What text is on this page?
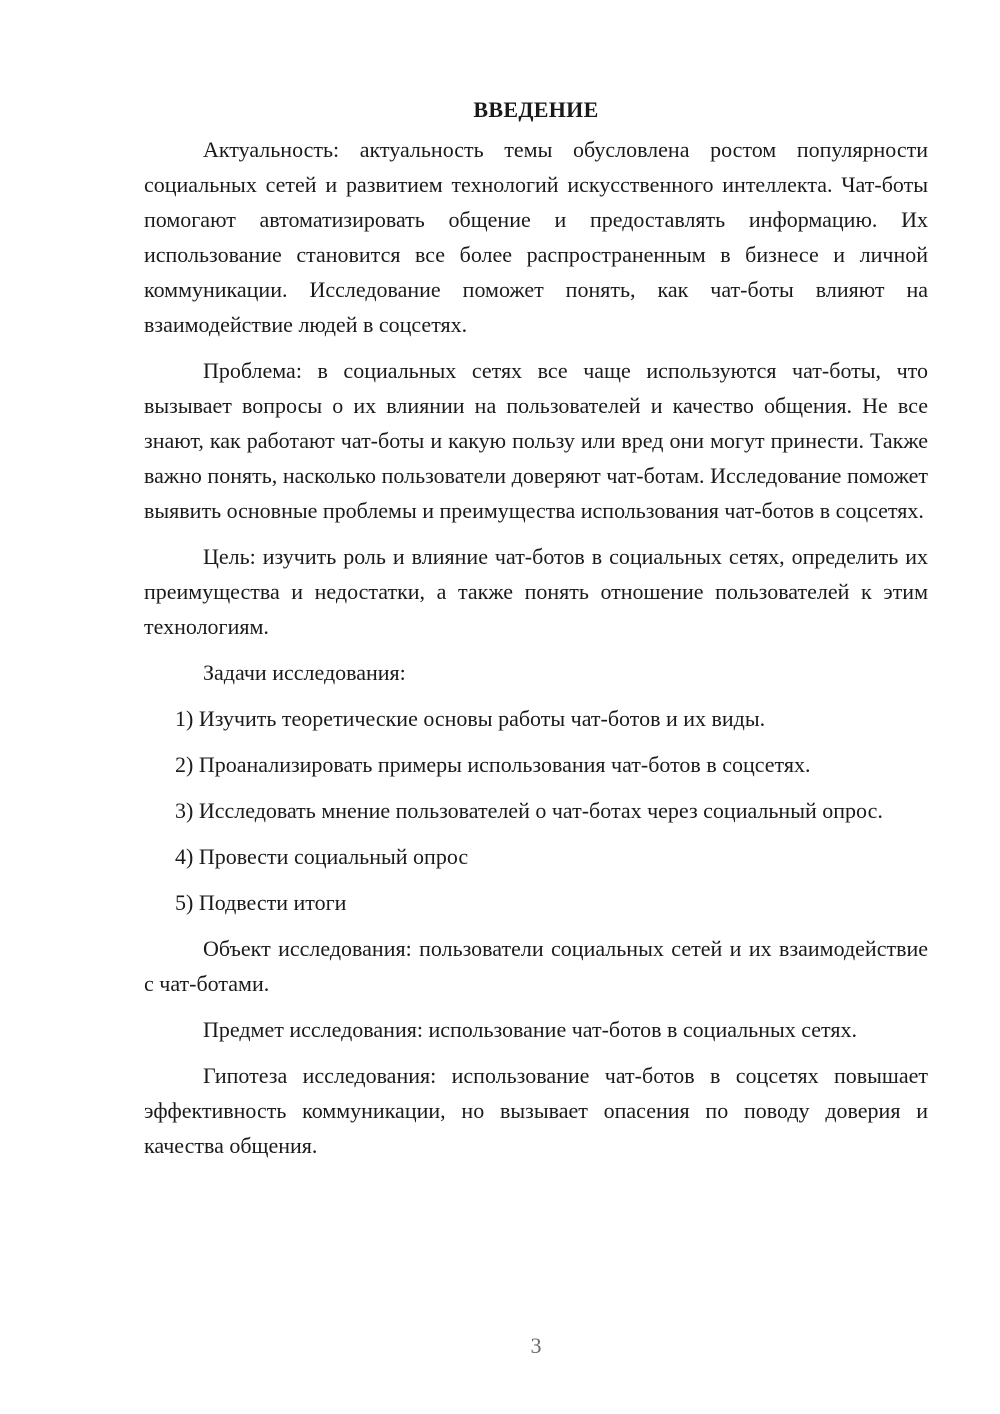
ВВЕДЕНИЕ

Актуальность: актуальность темы обусловлена ростом популярности социальных сетей и развитием технологий искусственного интеллекта. Чат-боты помогают автоматизировать общение и предоставлять информацию. Их использование становится все более распространенным в бизнесе и личной коммуникации. Исследование поможет понять, как чат-боты влияют на взаимодействие людей в соцсетях.

Проблема: в социальных сетях все чаще используются чат-боты, что вызывает вопросы о их влиянии на пользователей и качество общения. Не все знают, как работают чат-боты и какую пользу или вред они могут принести. Также важно понять, насколько пользователи доверяют чат-ботам. Исследование поможет выявить основные проблемы и преимущества использования чат-ботов в соцсетях.

Цель: изучить роль и влияние чат-ботов в социальных сетях, определить их преимущества и недостатки, а также понять отношение пользователей к этим технологиям.

Задачи исследования:

1) Изучить теоретические основы работы чат-ботов и их виды.

2) Проанализировать примеры использования чат-ботов в соцсетях.

3) Исследовать мнение пользователей о чат-ботах через социальный опрос.

4) Провести социальный опрос

5) Подвести итоги

Объект исследования: пользователи социальных сетей и их взаимодействие с чат-ботами.

Предмет исследования: использование чат-ботов в социальных сетях.

Гипотеза исследования: использование чат-ботов в соцсетях повышает эффективность коммуникации, но вызывает опасения по поводу доверия и качества общения.

3
